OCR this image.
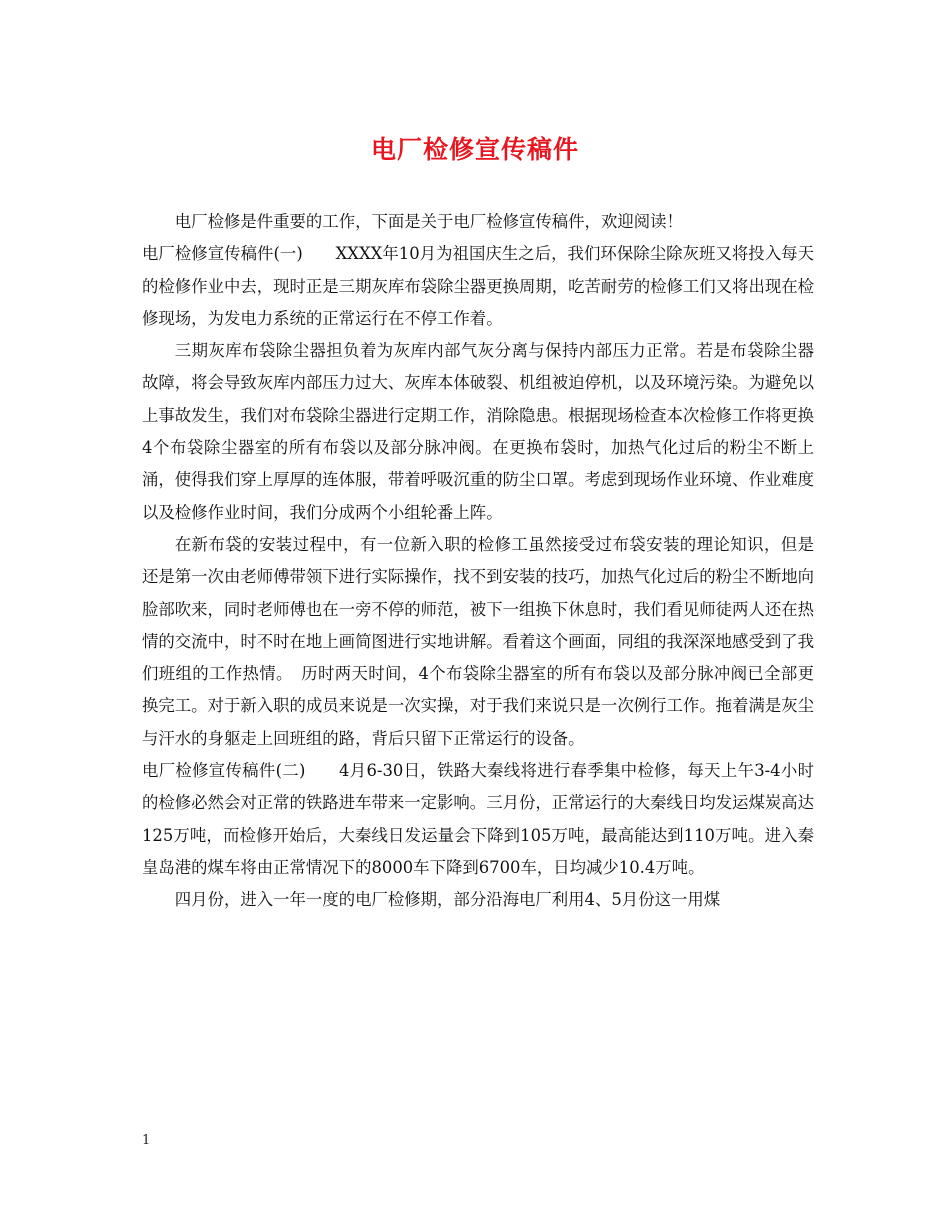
电厂检修宣传稿件

电厂检修是件重要的工作，下面是关于电厂检修宣传稿件，欢迎阅读！

电厂检修宣传稿件(一)　　XXXX年10月为祖国庆生之后，我们环保除尘除灰班又将投入每天的检修作业中去，现时正是三期灰库布袋除尘器更换周期，吃苦耐劳的检修工们又将出现在检修现场，为发电力系统的正常运行在不停工作着。

三期灰库布袋除尘器担负着为灰库内部气灰分离与保持内部压力正常。若是布袋除尘器故障，将会导致灰库内部压力过大、灰库本体破裂、机组被迫停机，以及环境污染。为避免以上事故发生，我们对布袋除尘器进行定期工作，消除隐患。根据现场检查本次检修工作将更换4个布袋除尘器室的所有布袋以及部分脉冲阀。在更换布袋时，加热气化过后的粉尘不断上涌，使得我们穿上厚厚的连体服，带着呼吸沉重的防尘口罩。考虑到现场作业环境、作业难度以及检修作业时间，我们分成两个小组轮番上阵。

在新布袋的安装过程中，有一位新入职的检修工虽然接受过布袋安装的理论知识，但是还是第一次由老师傅带领下进行实际操作，找不到安装的技巧，加热气化过后的粉尘不断地向脸部吹来，同时老师傅也在一旁不停的师范，被下一组换下休息时，我们看见师徒两人还在热情的交流中，时不时在地上画简图进行实地讲解。看着这个画面，同组的我深深地感受到了我们班组的工作热情。　历时两天时间，4个布袋除尘器室的所有布袋以及部分脉冲阀已全部更换完工。对于新入职的成员来说是一次实操，对于我们来说只是一次例行工作。拖着满是灰尘与汗水的身躯走上回班组的路，背后只留下正常运行的设备。

电厂检修宣传稿件(二)　　4月6-30日，铁路大秦线将进行春季集中检修，每天上午3-4小时的检修必然会对正常的铁路进车带来一定影响。三月份，正常运行的大秦线日均发运煤炭高达125万吨，而检修开始后，大秦线日发运量会下降到105万吨，最高能达到110万吨。进入秦皇岛港的煤车将由正常情况下的8000车下降到6700车，日均减少10.4万吨。

四月份，进入一年一度的电厂检修期，部分沿海电厂利用4、5月份这一用煤

1
